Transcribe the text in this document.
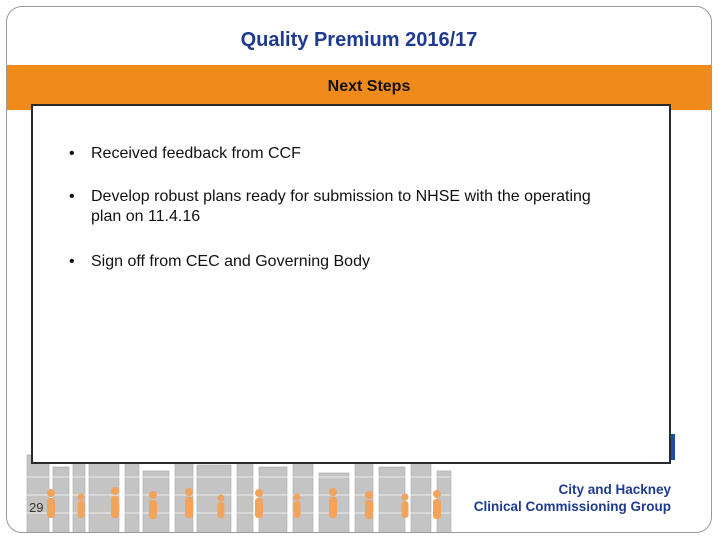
Quality Premium 2016/17
Next Steps
29
City and Hackney
Clinical Commissioning Group
• Received feedback from CCF
• Develop robust plans ready for submission to NHSE with the operating plan on 11.4.16
• Sign off from CEC and Governing Body
